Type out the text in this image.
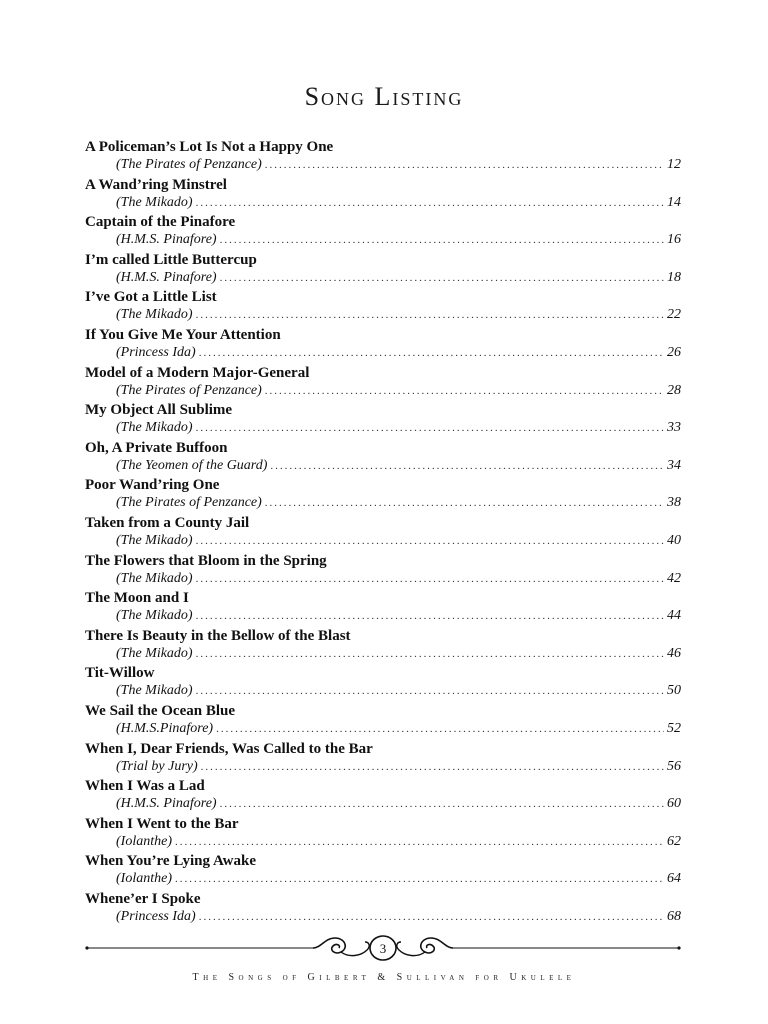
Song Listing
A Policeman’s Lot Is Not a Happy One
(The Pirates of Penzance) .....	12
A Wand’ring Minstrel
(The Mikado) .....	14
Captain of the Pinafore
(H.M.S. Pinafore) .....	16
I’m called Little Buttercup
(H.M.S. Pinafore) .....	18
I’ve Got a Little List
(The Mikado) .....	22
If You Give Me Your Attention
(Princess Ida) .....	26
Model of a Modern Major-General
(The Pirates of Penzance) .....	28
My Object All Sublime
(The Mikado) .....	33
Oh, A Private Buffoon
(The Yeomen of the Guard) .....	34
Poor Wand’ring One
(The Pirates of Penzance) .....	38
Taken from a County Jail
(The Mikado) .....	40
The Flowers that Bloom in the Spring
(The Mikado) .....	42
The Moon and I
(The Mikado) .....	44
There Is Beauty in the Bellow of the Blast
(The Mikado) .....	46
Tit-Willow
(The Mikado) .....	50
We Sail the Ocean Blue
(H.M.S.Pinafore) .....	52
When I, Dear Friends, Was Called to the Bar
(Trial by Jury) .....	56
When I Was a Lad
(H.M.S. Pinafore) .....	60
When I Went to the Bar
(Iolanthe) .....	62
When You’re Lying Awake
(Iolanthe) .....	64
Whene’er I Spoke
(Princess Ida) .....	68
3
The Songs of Gilbert & Sullivan for Ukulele
